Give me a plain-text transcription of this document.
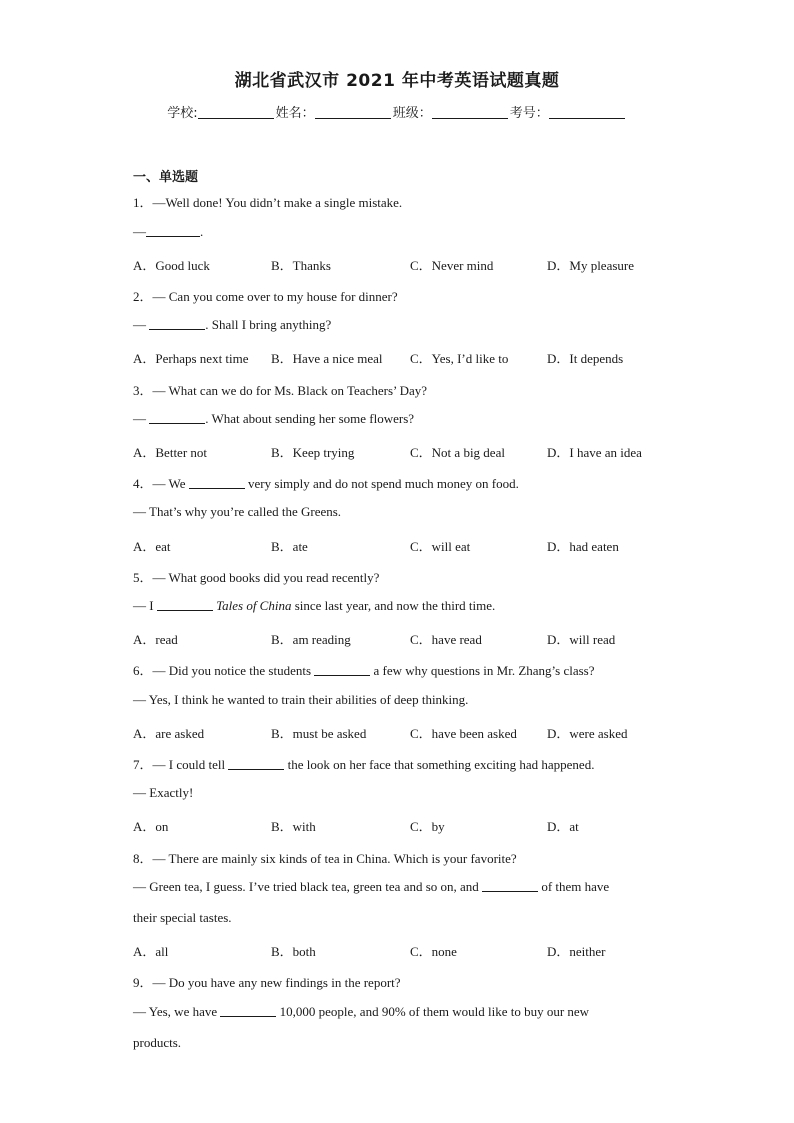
湖北省武汉市 2021 年中考英语试题真题
学校:	姓名：	班级：	考号：
一、单选题
1．—Well done! You didn’t make a single mistake.
—	.
A．Good luck	B．Thanks	C．Never mind	D．My pleasure
2．— Can you come over to my house for dinner?
—	. Shall I bring anything?
A．Perhaps next time B．Have a nice meal C．Yes, I’d like to	D．It depends
3．— What can we do for Ms. Black on Teachers’ Day?
—	. What about sending her some flowers?
A．Better not	B．Keep trying	C．Not a big deal	D．I have an idea
4．— We	very simply and do not spend much money on food.
— That’s why you’re called the Greens.
A．eat	B．ate	C．will eat	D．had eaten
5．— What good books did you read recently?
— I	Tales of China since last year, and now the third time.
A．read	B．am reading	C．have read	D．will read
6．— Did you notice the students	a few why questions in Mr. Zhang’s class?
— Yes, I think he wanted to train their abilities of deep thinking.
A．are asked	B．must be asked	C．have been asked D．were asked
7．— I could tell	the look on her face that something exciting had happened.
— Exactly!
A．on	B．with	C．by	D．at
8．— There are mainly six kinds of tea in China. Which is your favorite?
— Green tea, I guess. I’ve tried black tea, green tea and so on, and	of them have
their special tastes.
A．all	B．both	C．none	D．neither
9．— Do you have any new findings in the report?
— Yes, we have	10,000 people, and 90% of them would like to buy our new
products.
